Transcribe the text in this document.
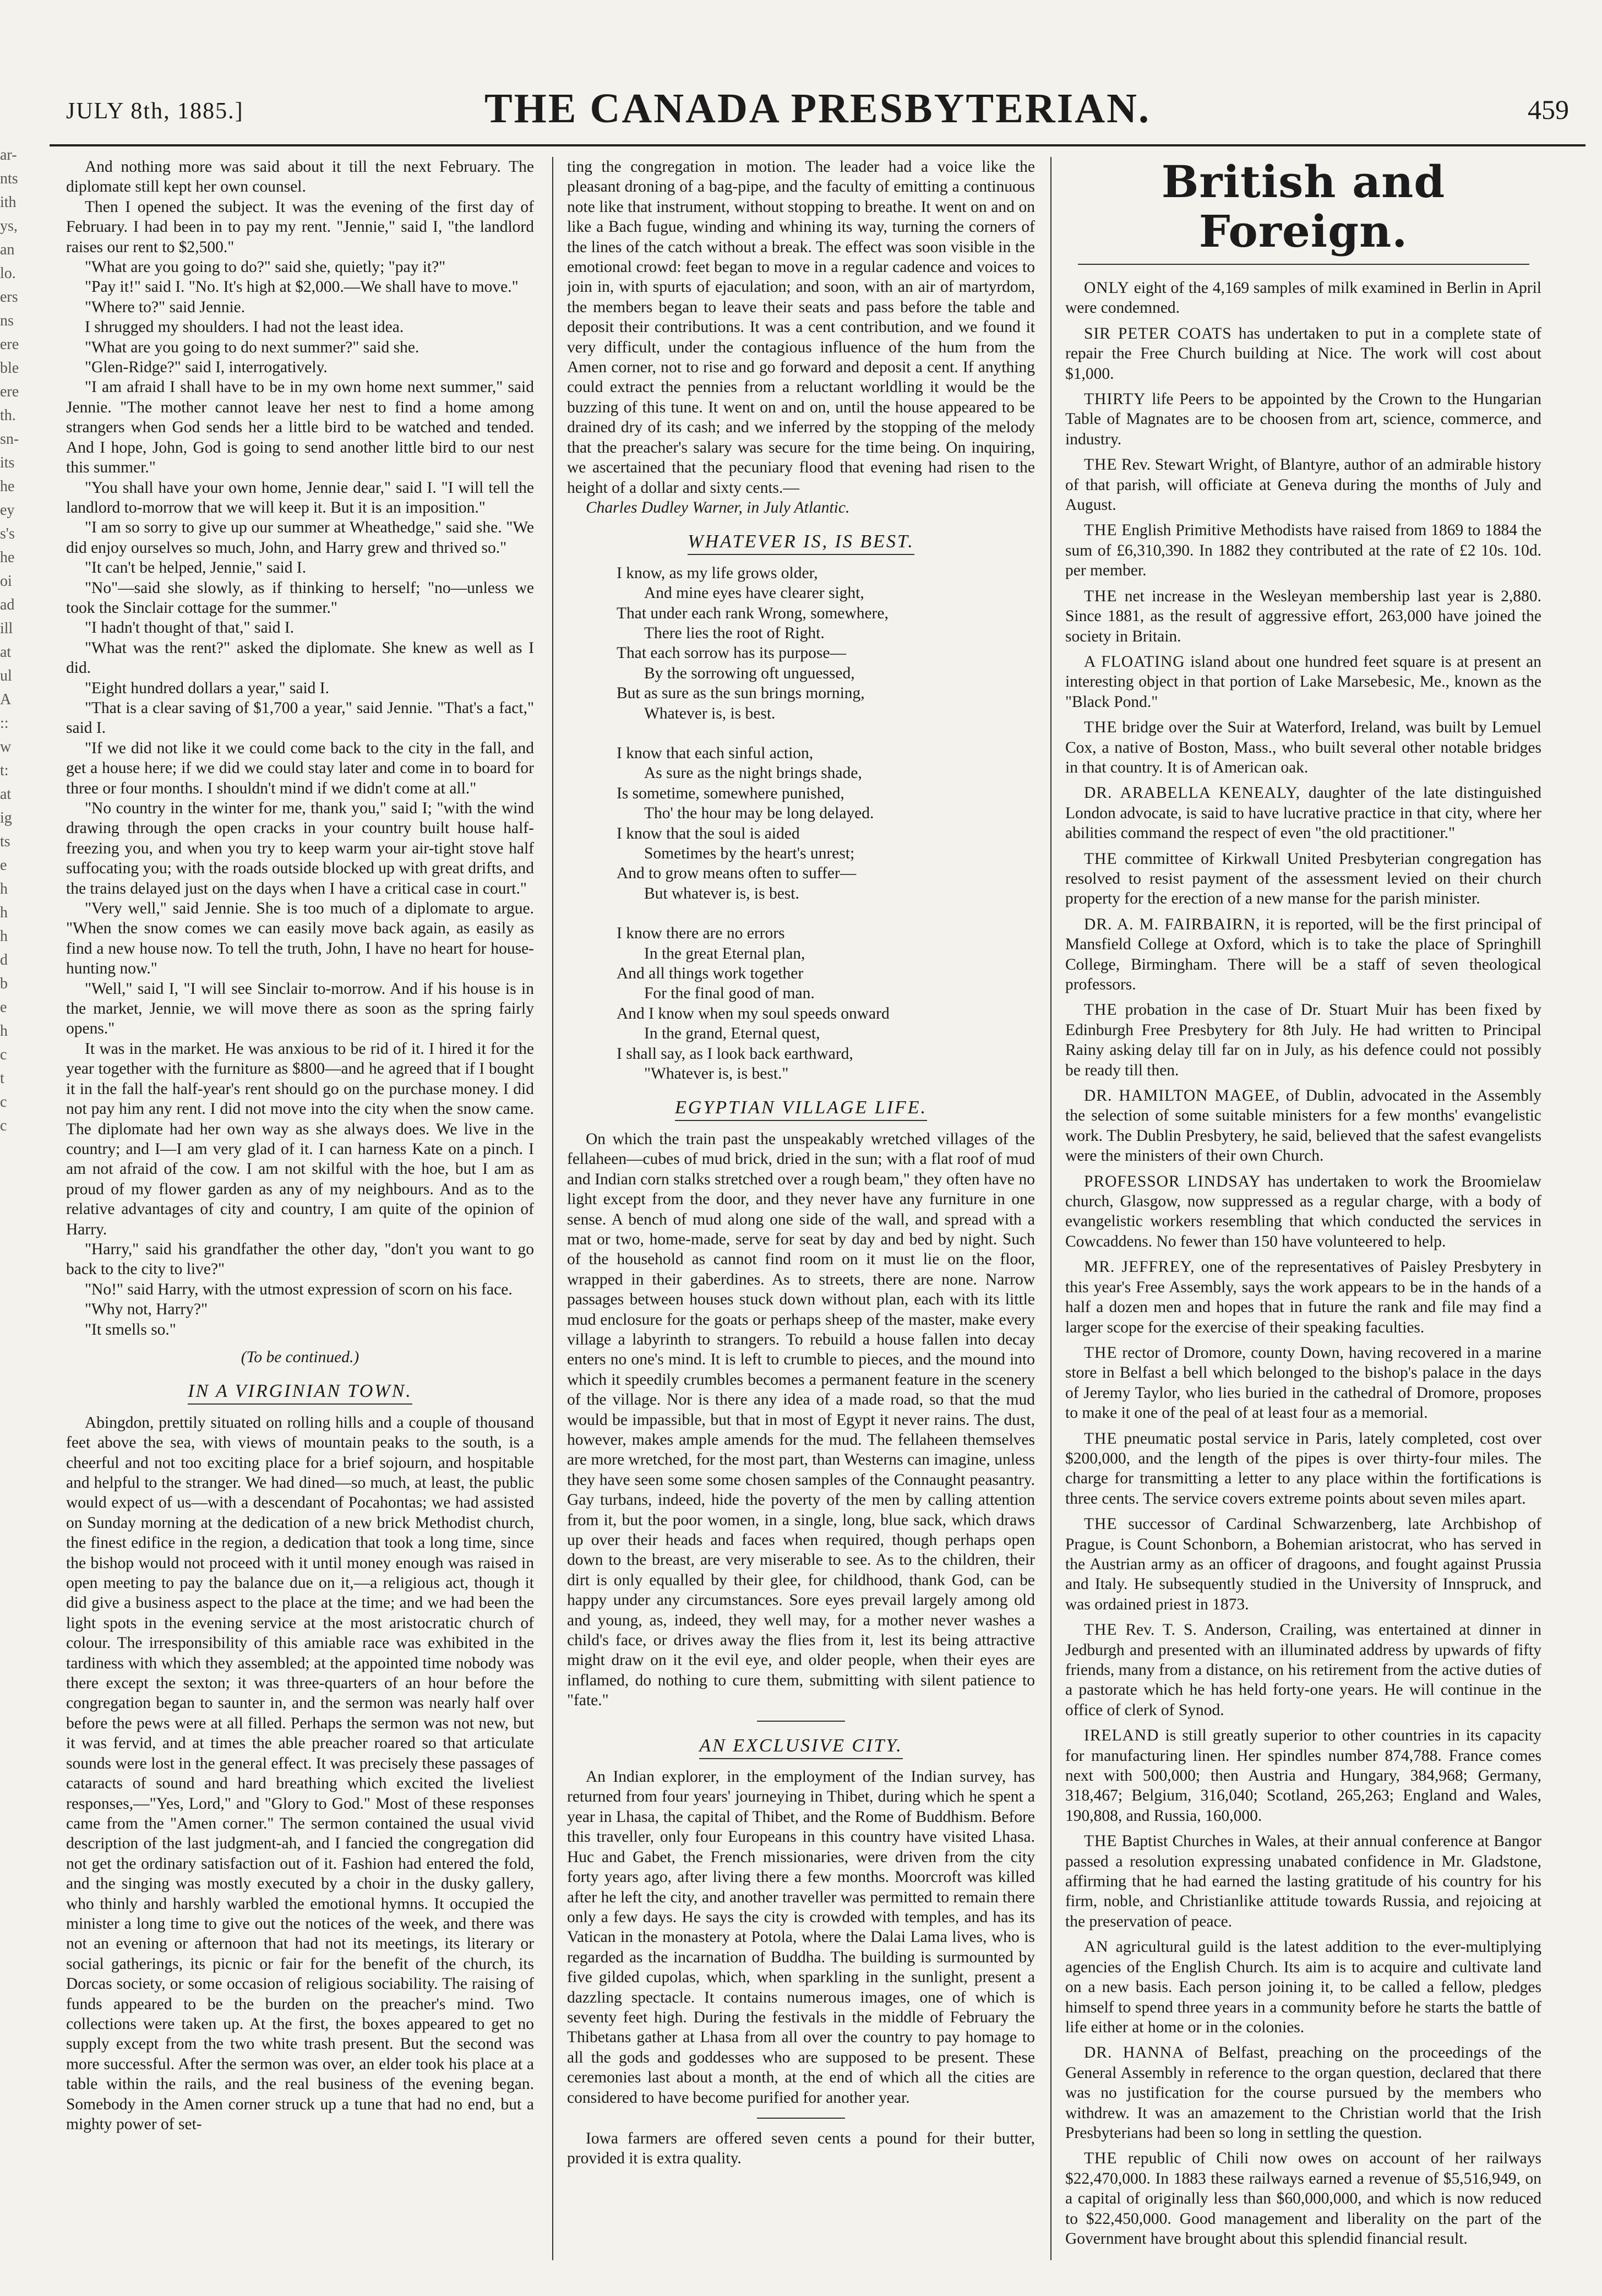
ar-
nts
ith
ys,
an
lo.
ers
ns
ere
ble
ere
th.
sn-
its
he
ey
s's
he
oi
ad
ill
at
ul
A
::
w
t:
at
ig
ts
e
h
h
h
d
b
e
h
c
t
c
c
JULY 8th, 1885.]	THE CANADA PRESBYTERIAN.	459

And nothing more was said about it till the next February. The diplomate still kept her own counsel.

Then I opened the subject. It was the evening of the first day of February. I had been in to pay my rent. "Jennie," said I, "the landlord raises our rent to $2,500."

"What are you going to do?" said she, quietly; "pay it?"

"Pay it!" said I. "No. It's high at $2,000.—We shall have to move."

"Where to?" said Jennie.

I shrugged my shoulders. I had not the least idea.

"What are you going to do next summer?" said she.

"Glen-Ridge?" said I, interrogatively.

"I am afraid I shall have to be in my own home next summer," said Jennie. "The mother cannot leave her nest to find a home among strangers when God sends her a little bird to be watched and tended. And I hope, John, God is going to send another little bird to our nest this summer."

"You shall have your own home, Jennie dear," said I. "I will tell the landlord to-morrow that we will keep it. But it is an imposition."

"I am so sorry to give up our summer at Wheathedge," said she. "We did enjoy ourselves so much, John, and Harry grew and thrived so."

"It can't be helped, Jennie," said I.

"No"—said she slowly, as if thinking to herself; "no—unless we took the Sinclair cottage for the summer."

"I hadn't thought of that," said I.

"What was the rent?" asked the diplomate. She knew as well as I did.

"Eight hundred dollars a year," said I.

"That is a clear saving of $1,700 a year," said Jennie. "That's a fact," said I.

"If we did not like it we could come back to the city in the fall, and get a house here; if we did we could stay later and come in to board for three or four months. I shouldn't mind if we didn't come at all."

"No country in the winter for me, thank you," said I; "with the wind drawing through the open cracks in your country built house half-freezing you, and when you try to keep warm your air-tight stove half suffocating you; with the roads outside blocked up with great drifts, and the trains delayed just on the days when I have a critical case in court."

"Very well," said Jennie. She is too much of a diplomate to argue. "When the snow comes we can easily move back again, as easily as find a new house now. To tell the truth, John, I have no heart for house-hunting now."

"Well," said I, "I will see Sinclair to-morrow. And if his house is in the market, Jennie, we will move there as soon as the spring fairly opens."

It was in the market. He was anxious to be rid of it. I hired it for the year together with the furniture as $800—and he agreed that if I bought it in the fall the half-year's rent should go on the purchase money. I did not pay him any rent. I did not move into the city when the snow came. The diplomate had her own way as she always does. We live in the country; and I—I am very glad of it. I can harness Kate on a pinch. I am not afraid of the cow. I am not skilful with the hoe, but I am as proud of my flower garden as any of my neighbours. And as to the relative advantages of city and country, I am quite of the opinion of Harry.

"Harry," said his grandfather the other day, "don't you want to go back to the city to live?"

"No!" said Harry, with the utmost expression of scorn on his face.

"Why not, Harry?"

"It smells so."

(To be continued.)
IN A VIRGINIAN TOWN.

Abingdon, prettily situated on rolling hills and a couple of thousand feet above the sea, with views of mountain peaks to the south, is a cheerful and not too exciting place for a brief sojourn, and hospitable and helpful to the stranger. We had dined—so much, at least, the public would expect of us—with a descendant of Pocahontas; we had assisted on Sunday morning at the dedication of a new brick Methodist church, the finest edifice in the region, a dedication that took a long time, since the bishop would not proceed with it until money enough was raised in open meeting to pay the balance due on it,—a religious act, though it did give a business aspect to the place at the time; and we had been the light spots in the evening service at the most aristocratic church of colour. The irresponsibility of this amiable race was exhibited in the tardiness with which they assembled; at the appointed time nobody was there except the sexton; it was three-quarters of an hour before the congregation began to saunter in, and the sermon was nearly half over before the pews were at all filled. Perhaps the sermon was not new, but it was fervid, and at times the able preacher roared so that articulate sounds were lost in the general effect. It was precisely these passages of cataracts of sound and hard breathing which excited the liveliest responses,—"Yes, Lord," and "Glory to God." Most of these responses came from the "Amen corner." The sermon contained the usual vivid description of the last judgment-ah, and I fancied the congregation did not get the ordinary satisfaction out of it. Fashion had entered the fold, and the singing was mostly executed by a choir in the dusky gallery, who thinly and harshly warbled the emotional hymns. It occupied the minister a long time to give out the notices of the week, and there was not an evening or afternoon that had not its meetings, its literary or social gatherings, its picnic or fair for the benefit of the church, its Dorcas society, or some occasion of religious sociability. The raising of funds appeared to be the burden on the preacher's mind. Two collections were taken up. At the first, the boxes appeared to get no supply except from the two white trash present. But the second was more successful. After the sermon was over, an elder took his place at a table within the rails, and the real business of the evening began. Somebody in the Amen corner struck up a tune that had no end, but a mighty power of set-

ting the congregation in motion. The leader had a voice like the pleasant droning of a bag-pipe, and the faculty of emitting a continuous note like that instrument, without stopping to breathe. It went on and on like a Bach fugue, winding and whining its way, turning the corners of the lines of the catch without a break. The effect was soon visible in the emotional crowd: feet began to move in a regular cadence and voices to join in, with spurts of ejaculation; and soon, with an air of martyrdom, the members began to leave their seats and pass before the table and deposit their contributions. It was a cent contribution, and we found it very difficult, under the contagious influence of the hum from the Amen corner, not to rise and go forward and deposit a cent. If anything could extract the pennies from a reluctant worldling it would be the buzzing of this tune. It went on and on, until the house appeared to be drained dry of its cash; and we inferred by the stopping of the melody that the preacher's salary was secure for the time being. On inquiring, we ascertained that the pecuniary flood that evening had risen to the height of a dollar and sixty cents.—

Charles Dudley Warner, in July Atlantic.

WHATEVER IS, IS BEST.
I know, as my life grows older,
And mine eyes have clearer sight,
That under each rank Wrong, somewhere,
There lies the root of Right.
That each sorrow has its purpose—
By the sorrowing oft unguessed,
But as sure as the sun brings morning,
Whatever is, is best.
I know that each sinful action,
As sure as the night brings shade,
Is sometime, somewhere punished,
Tho' the hour may be long delayed.
I know that the soul is aided
Sometimes by the heart's unrest;
And to grow means often to suffer—
But whatever is, is best.
I know there are no errors
In the great Eternal plan,
And all things work together
For the final good of man.
And I know when my soul speeds onward
In the grand, Eternal quest,
I shall say, as I look back earthward,
"Whatever is, is best."
EGYPTIAN VILLAGE LIFE.

On which the train past the unspeakably wretched villages of the fellaheen—cubes of mud brick, dried in the sun; with a flat roof of mud and Indian corn stalks stretched over a rough beam," they often have no light except from the door, and they never have any furniture in one sense. A bench of mud along one side of the wall, and spread with a mat or two, home-made, serve for seat by day and bed by night. Such of the household as cannot find room on it must lie on the floor, wrapped in their gaberdines. As to streets, there are none. Narrow passages between houses stuck down without plan, each with its little mud enclosure for the goats or perhaps sheep of the master, make every village a labyrinth to strangers. To rebuild a house fallen into decay enters no one's mind. It is left to crumble to pieces, and the mound into which it speedily crumbles becomes a permanent feature in the scenery of the village. Nor is there any idea of a made road, so that the mud would be impassible, but that in most of Egypt it never rains. The dust, however, makes ample amends for the mud. The fellaheen themselves are more wretched, for the most part, than Westerns can imagine, unless they have seen some some chosen samples of the Connaught peasantry. Gay turbans, indeed, hide the poverty of the men by calling attention from it, but the poor women, in a single, long, blue sack, which draws up over their heads and faces when required, though perhaps open down to the breast, are very miserable to see. As to the children, their dirt is only equalled by their glee, for childhood, thank God, can be happy under any circumstances. Sore eyes prevail largely among old and young, as, indeed, they well may, for a mother never washes a child's face, or drives away the flies from it, lest its being attractive might draw on it the evil eye, and older people, when their eyes are inflamed, do nothing to cure them, submitting with silent patience to "fate."

AN EXCLUSIVE CITY.

An Indian explorer, in the employment of the Indian survey, has returned from four years' journeying in Thibet, during which he spent a year in Lhasa, the capital of Thibet, and the Rome of Buddhism. Before this traveller, only four Europeans in this country have visited Lhasa. Huc and Gabet, the French missionaries, were driven from the city forty years ago, after living there a few months. Moorcroft was killed after he left the city, and another traveller was permitted to remain there only a few days. He says the city is crowded with temples, and has its Vatican in the monastery at Potola, where the Dalai Lama lives, who is regarded as the incarnation of Buddha. The building is surmounted by five gilded cupolas, which, when sparkling in the sunlight, present a dazzling spectacle. It contains numerous images, one of which is seventy feet high. During the festivals in the middle of February the Thibetans gather at Lhasa from all over the country to pay homage to all the gods and goddesses who are supposed to be present. These ceremonies last about a month, at the end of which all the cities are considered to have become purified for another year.

Iowa farmers are offered seven cents a pound for their butter, provided it is extra quality.

British and Foreign.

ONLY eight of the 4,169 samples of milk examined in Berlin in April were condemned.

SIR PETER COATS has undertaken to put in a complete state of repair the Free Church building at Nice. The work will cost about $1,000.

THIRTY life Peers to be appointed by the Crown to the Hungarian Table of Magnates are to be choosen from art, science, commerce, and industry.

THE Rev. Stewart Wright, of Blantyre, author of an admirable history of that parish, will officiate at Geneva during the months of July and August.

THE English Primitive Methodists have raised from 1869 to 1884 the sum of £6,310,390. In 1882 they contributed at the rate of £2 10s. 10d. per member.

THE net increase in the Wesleyan membership last year is 2,880. Since 1881, as the result of aggressive effort, 263,000 have joined the society in Britain.

A FLOATING island about one hundred feet square is at present an interesting object in that portion of Lake Marsebesic, Me., known as the "Black Pond."

THE bridge over the Suir at Waterford, Ireland, was built by Lemuel Cox, a native of Boston, Mass., who built several other notable bridges in that country. It is of American oak.

DR. ARABELLA KENEALY, daughter of the late distinguished London advocate, is said to have lucrative practice in that city, where her abilities command the respect of even "the old practitioner."

THE committee of Kirkwall United Presbyterian congregation has resolved to resist payment of the assessment levied on their church property for the erection of a new manse for the parish minister.

DR. A. M. FAIRBAIRN, it is reported, will be the first principal of Mansfield College at Oxford, which is to take the place of Springhill College, Birmingham. There will be a staff of seven theological professors.

THE probation in the case of Dr. Stuart Muir has been fixed by Edinburgh Free Presbytery for 8th July. He had written to Principal Rainy asking delay till far on in July, as his defence could not possibly be ready till then.

DR. HAMILTON MAGEE, of Dublin, advocated in the Assembly the selection of some suitable ministers for a few months' evangelistic work. The Dublin Presbytery, he said, believed that the safest evangelists were the ministers of their own Church.

PROFESSOR LINDSAY has undertaken to work the Broomielaw church, Glasgow, now suppressed as a regular charge, with a body of evangelistic workers resembling that which conducted the services in Cowcaddens. No fewer than 150 have volunteered to help.

MR. JEFFREY, one of the representatives of Paisley Presbytery in this year's Free Assembly, says the work appears to be in the hands of a half a dozen men and hopes that in future the rank and file may find a larger scope for the exercise of their speaking faculties.

THE rector of Dromore, county Down, having recovered in a marine store in Belfast a bell which belonged to the bishop's palace in the days of Jeremy Taylor, who lies buried in the cathedral of Dromore, proposes to make it one of the peal of at least four as a memorial.

THE pneumatic postal service in Paris, lately completed, cost over $200,000, and the length of the pipes is over thirty-four miles. The charge for transmitting a letter to any place within the fortifications is three cents. The service covers extreme points about seven miles apart.

THE successor of Cardinal Schwarzenberg, late Archbishop of Prague, is Count Schonborn, a Bohemian aristocrat, who has served in the Austrian army as an officer of dragoons, and fought against Prussia and Italy. He subsequently studied in the University of Innspruck, and was ordained priest in 1873.

THE Rev. T. S. Anderson, Crailing, was entertained at dinner in Jedburgh and presented with an illuminated address by upwards of fifty friends, many from a distance, on his retirement from the active duties of a pastorate which he has held forty-one years. He will continue in the office of clerk of Synod.

IRELAND is still greatly superior to other countries in its capacity for manufacturing linen. Her spindles number 874,788. France comes next with 500,000; then Austria and Hungary, 384,968; Germany, 318,467; Belgium, 316,040; Scotland, 265,263; England and Wales, 190,808, and Russia, 160,000.

THE Baptist Churches in Wales, at their annual conference at Bangor passed a resolution expressing unabated confidence in Mr. Gladstone, affirming that he had earned the lasting gratitude of his country for his firm, noble, and Christianlike attitude towards Russia, and rejoicing at the preservation of peace.

AN agricultural guild is the latest addition to the ever-multiplying agencies of the English Church. Its aim is to acquire and cultivate land on a new basis. Each person joining it, to be called a fellow, pledges himself to spend three years in a community before he starts the battle of life either at home or in the colonies.

DR. HANNA of Belfast, preaching on the proceedings of the General Assembly in reference to the organ question, declared that there was no justification for the course pursued by the members who withdrew. It was an amazement to the Christian world that the Irish Presbyterians had been so long in settling the question.

THE republic of Chili now owes on account of her railways $22,470,000. In 1883 these railways earned a revenue of $5,516,949, on a capital of originally less than $60,000,000, and which is now reduced to $22,450,000. Good management and liberality on the part of the Government have brought about this splendid financial result.
